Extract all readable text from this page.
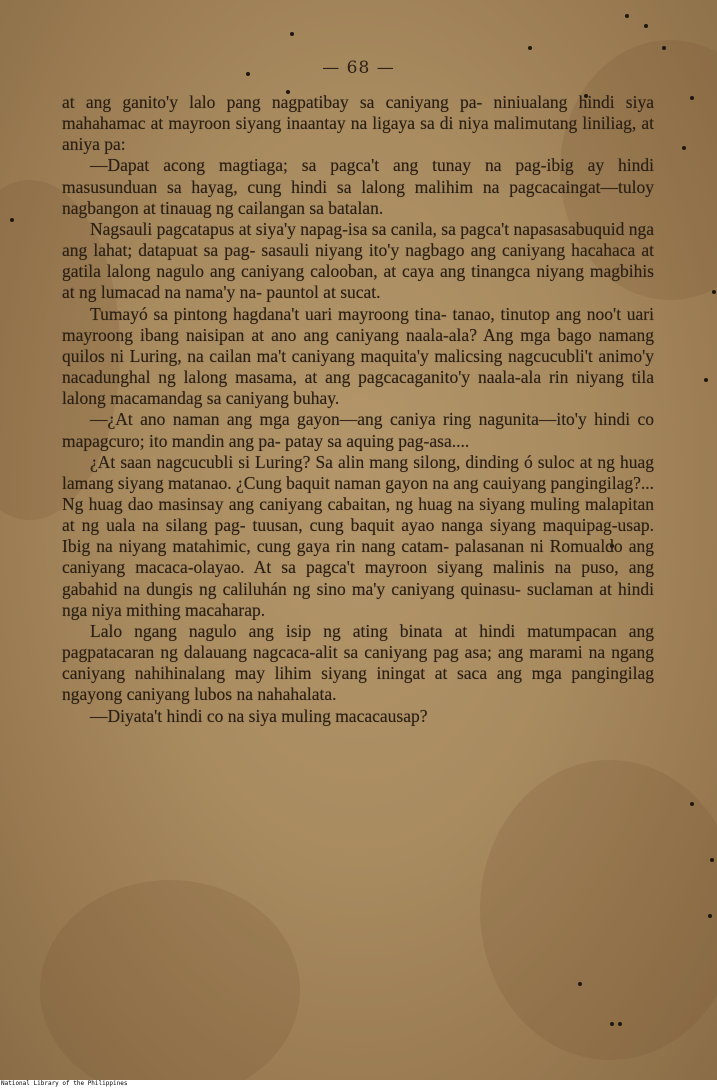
— 68 —

at ang ganito'y lalo pang nagpatibay sa caniyang pa- niniualang hindi siya mahahamac at mayroon siyang inaantay na ligaya sa di niya malimutang liniliag, at aniya pa:

—Dapat acong magtiaga; sa pagca't ang tunay na pag-ibig ay hindi masusunduan sa hayag, cung hindi sa lalong malihim na pagcacaingat—tuloy nagbangon at tinauag ng cailangan sa batalan.

Nagsauli pagcatapus at siya'y napag-isa sa canila, sa pagca't napasasabuquid nga ang lahat; datapuat sa pag- sasauli niyang ito'y nagbago ang caniyang hacahaca at gatila lalong nagulo ang caniyang calooban, at caya ang tinangca niyang magbihis at ng lumacad na nama'y na- pauntol at sucat.

Tumayó sa pintong hagdana't uari mayroong tina- tanao, tinutop ang noo't uari mayroong ibang naisipan at ano ang caniyang naala-ala? Ang mga bago namang quilos ni Luring, na cailan ma't caniyang maquita'y malicsing nagcucubli't animo'y nacadunghal ng lalong masama, at ang pagcacaganito'y naala-ala rin niyang tila lalong macamandag sa caniyang buhay.

—¿At ano naman ang mga gayon—ang caniya ring nagunita—ito'y hindi co mapagcuro; ito mandin ang pa- patay sa aquing pag-asa....

¿At saan nagcucubli si Luring? Sa alin mang silong, dinding ó suloc at ng huag lamang siyang matanao. ¿Cung baquit naman gayon na ang cauiyang pangingilag?... Ng huag dao masinsay ang caniyang cabaitan, ng huag na siyang muling malapitan at ng uala na silang pag- tuusan, cung baquit ayao nanga siyang maquipag-usap. Ibig na niyang matahimic, cung gaya rin nang catam- palasanan ni Romualdo ang caniyang macaca-olayao. At sa pagca't mayroon siyang malinis na puso, ang gabahid na dungis ng caliluhán ng sino ma'y caniyang quinasu- suclaman at hindi nga niya mithing macaharap.

Lalo ngang nagulo ang isip ng ating binata at hindi matumpacan ang pagpatacaran ng dalauang nagcaca-alit sa caniyang pag asa; ang marami na ngang caniyang nahihinalang may lihim siyang iningat at saca ang mga pangingilag ngayong caniyang lubos na nahahalata.

—Diyata't hindi co na siya muling macacausap?

National Library of the Philippines
